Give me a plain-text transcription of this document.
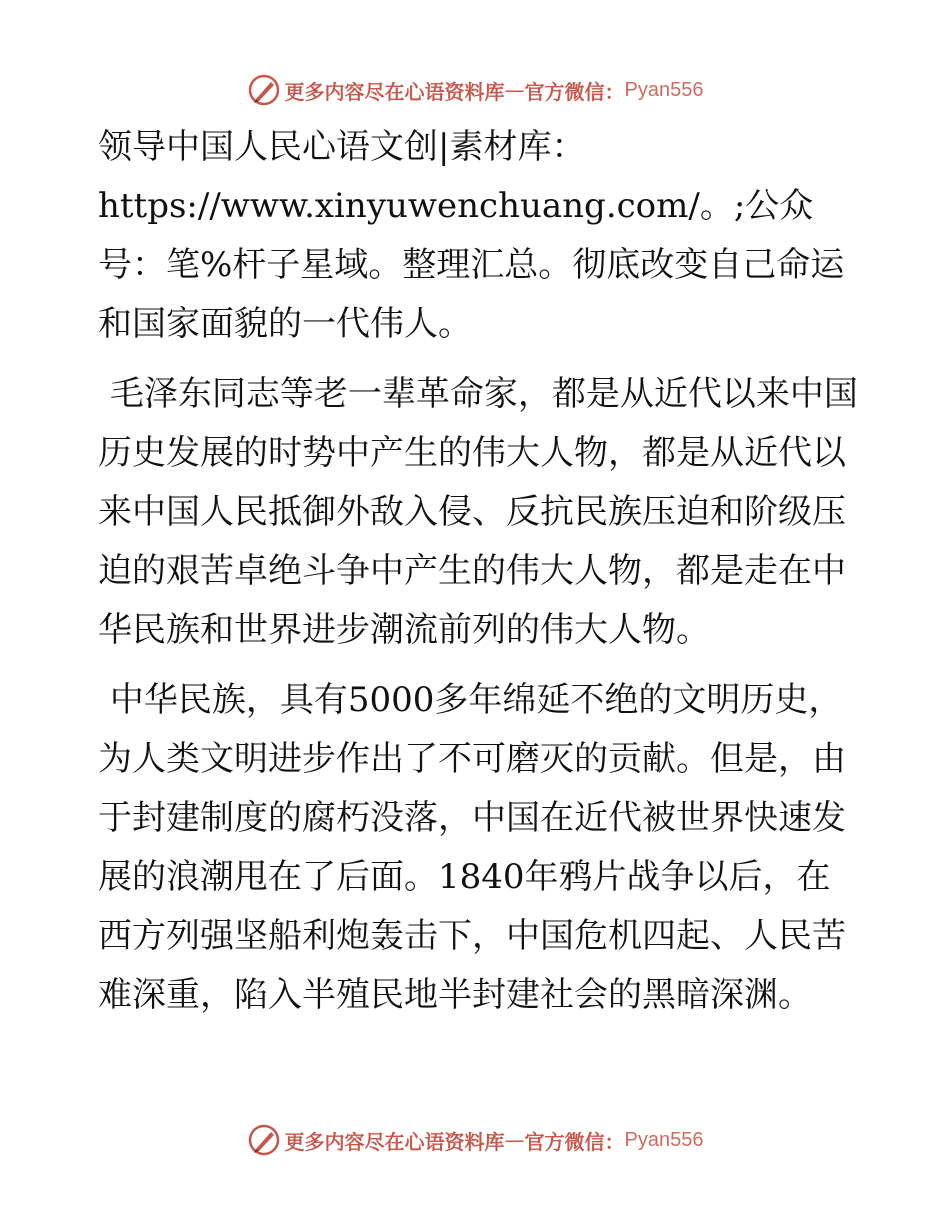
更多内容尽在心语资料库 — 官方微信： Pyan556

领导中国人民心语文创|素材库：https://www.xinyuwenchuang.com/。;公众号：笔%杆子星域。整理汇总。彻底改变自己命运和国家面貌的一代伟人。

毛泽东同志等老一辈革命家，都是从近代以来中国历史发展的时势中产生的伟大人物，都是从近代以来中国人民抵御外敌入侵、反抗民族压迫和阶级压迫的艰苦卓绝斗争中产生的伟大人物，都是走在中华民族和世界进步潮流前列的伟大人物。

中华民族，具有5000多年绵延不绝的文明历史，为人类文明进步作出了不可磨灭的贡献。但是，由于封建制度的腐朽没落，中国在近代被世界快速发展的浪潮甩在了后面。1840年鸦片战争以后，在西方列强坚船利炮轰击下，中国危机四起、人民苦难深重，陷入半殖民地半封建社会的黑暗深渊。

更多内容尽在心语资料库 — 官方微信： Pyan556
